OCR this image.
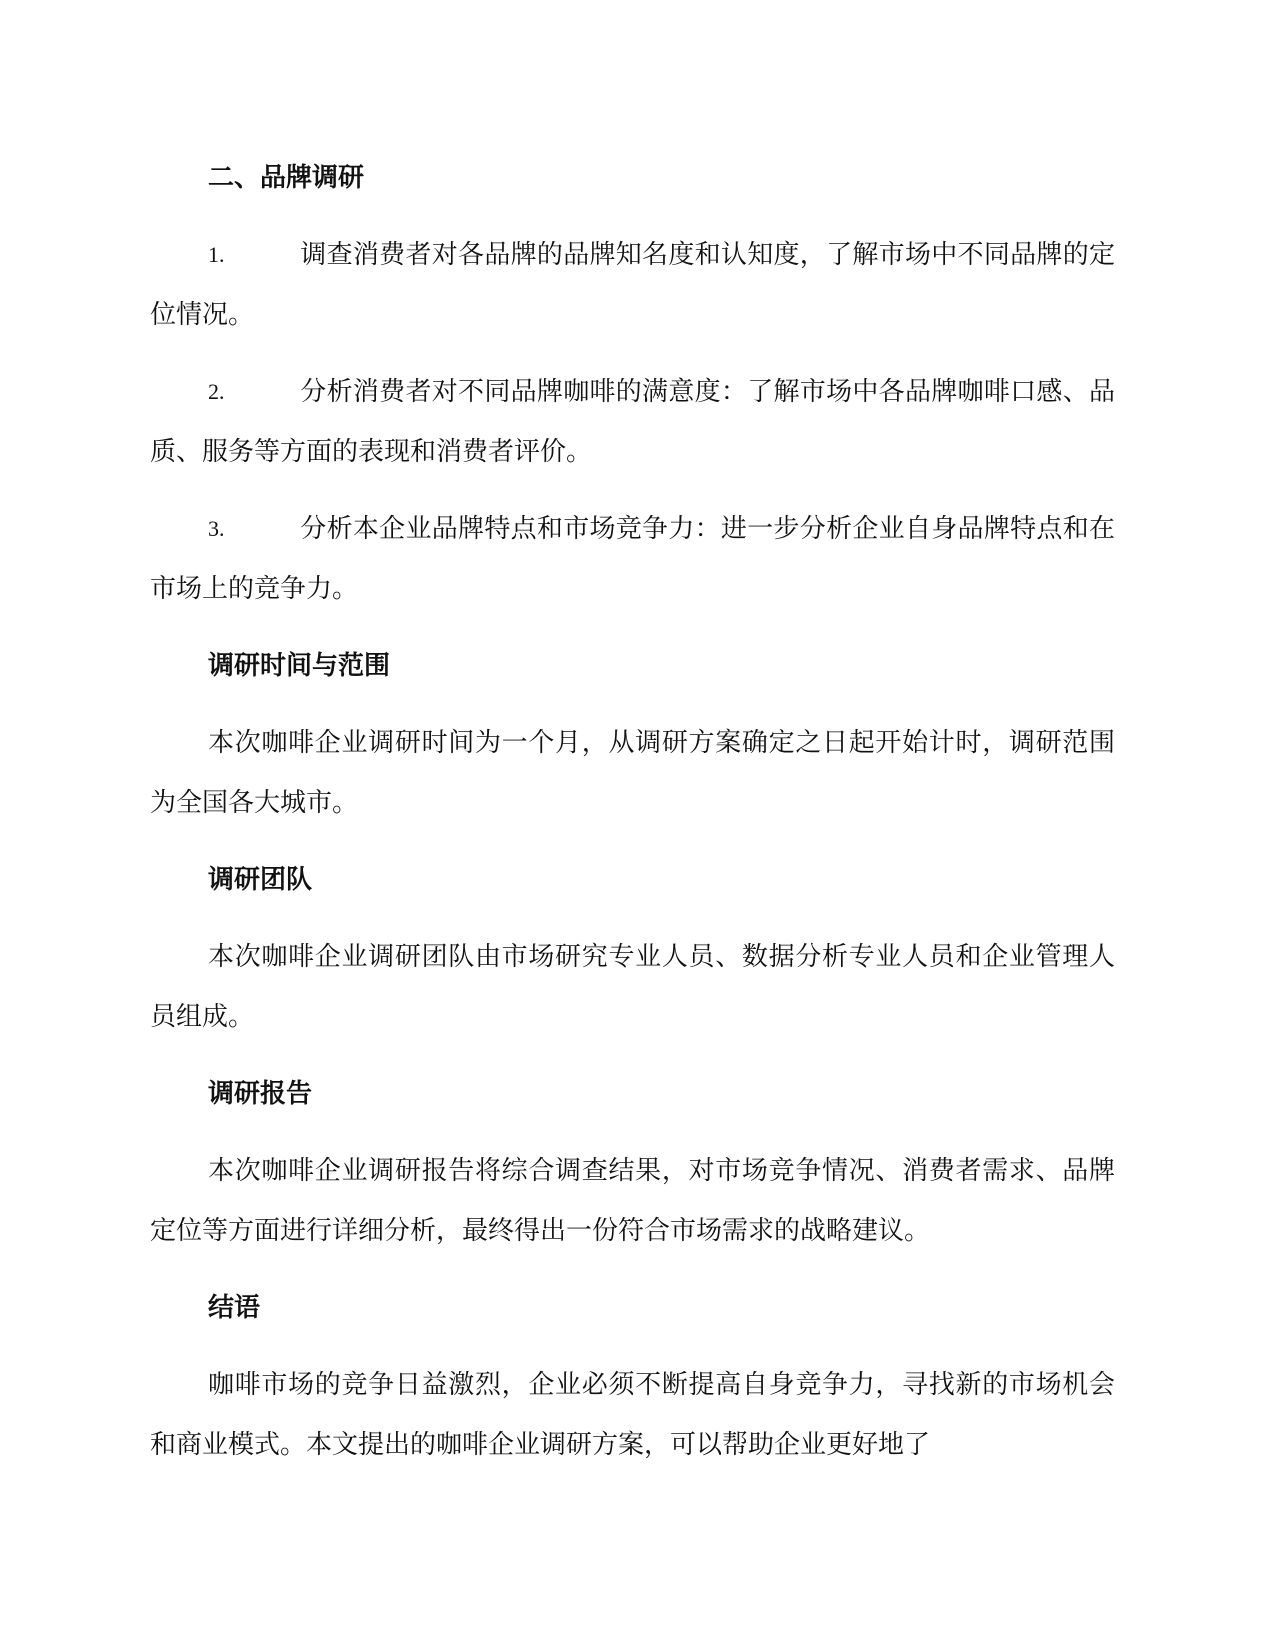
二、品牌调研

1.	调查消费者对各品牌的品牌知名度和认知度，了解市场中不同品牌的定位情况。

2.	分析消费者对不同品牌咖啡的满意度：了解市场中各品牌咖啡口感、品质、服务等方面的表现和消费者评价。

3.	分析本企业品牌特点和市场竞争力：进一步分析企业自身品牌特点和在市场上的竞争力。

调研时间与范围

本次咖啡企业调研时间为一个月，从调研方案确定之日起开始计时，调研范围为全国各大城市。

调研团队

本次咖啡企业调研团队由市场研究专业人员、数据分析专业人员和企业管理人员组成。

调研报告

本次咖啡企业调研报告将综合调查结果，对市场竞争情况、消费者需求、品牌定位等方面进行详细分析，最终得出一份符合市场需求的战略建议。

结语

咖啡市场的竞争日益激烈，企业必须不断提高自身竞争力，寻找新的市场机会和商业模式。本文提出的咖啡企业调研方案，可以帮助企业更好地了
